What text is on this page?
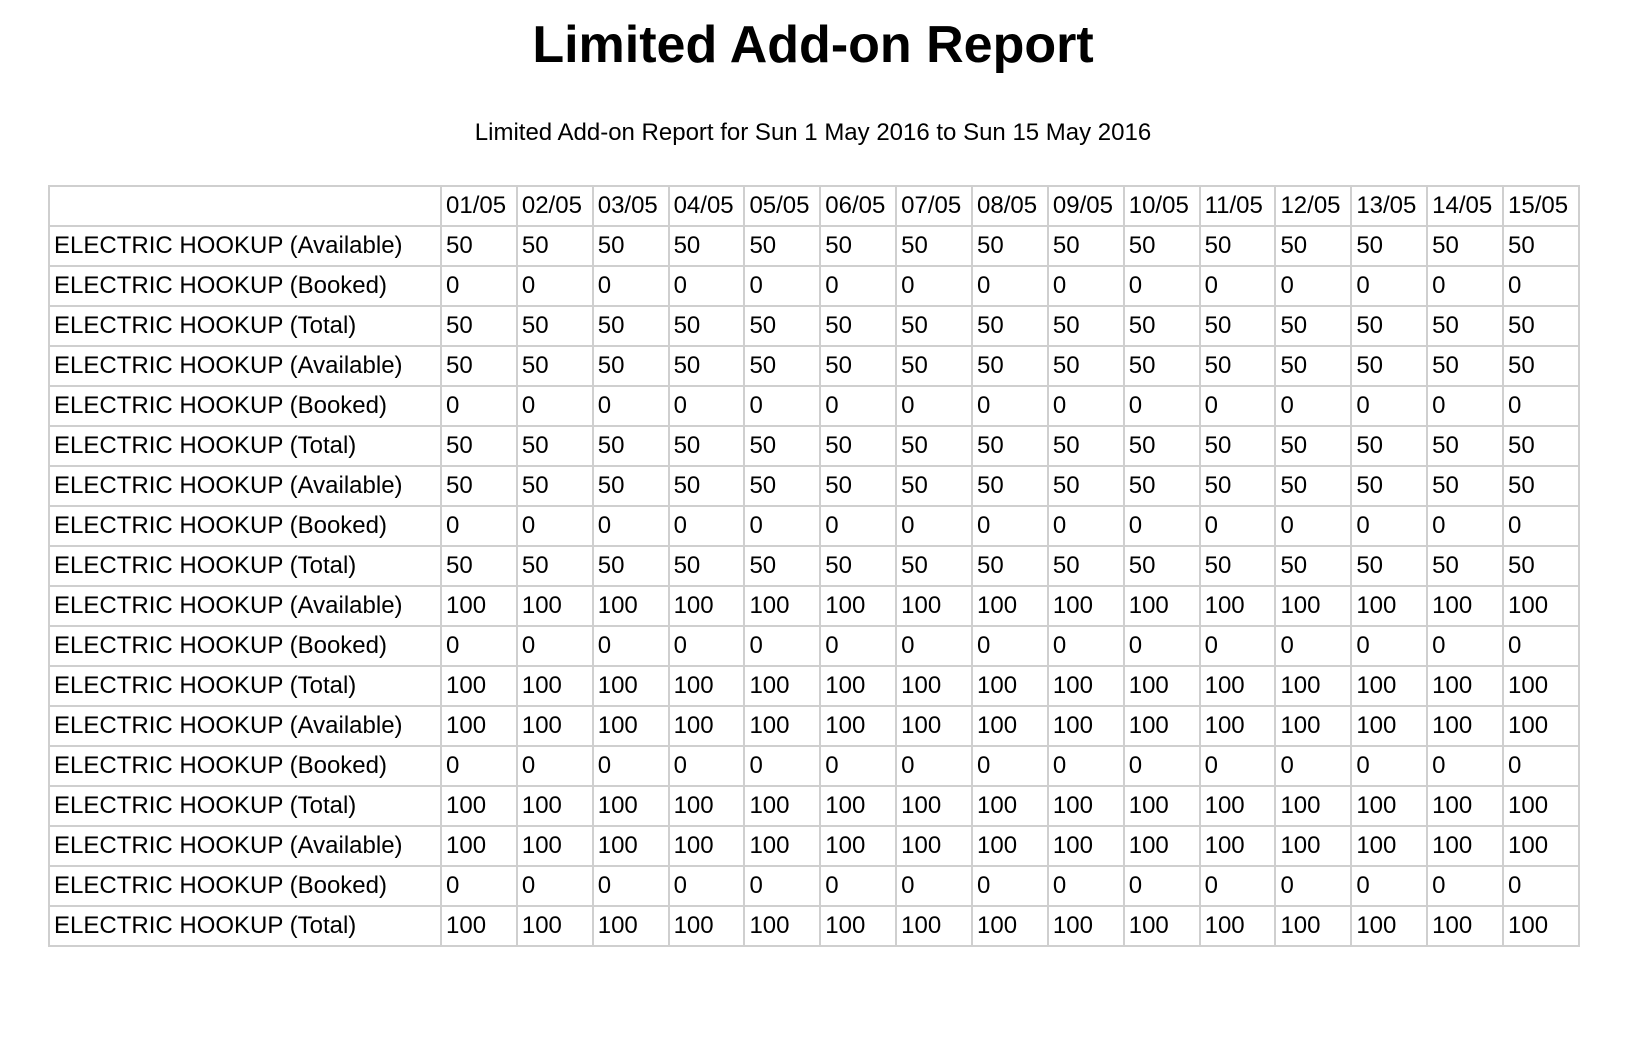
Limited Add-on Report

Limited Add-on Report for Sun 1 May 2016 to Sun 15 May 2016

	01/05	02/05	03/05	04/05	05/05	06/05	07/05	08/05	09/05	10/05	11/05	12/05	13/05	14/05	15/05
ELECTRIC HOOKUP (Available)	50	50	50	50	50	50	50	50	50	50	50	50	50	50	50
ELECTRIC HOOKUP (Booked)	0	0	0	0	0	0	0	0	0	0	0	0	0	0	0
ELECTRIC HOOKUP (Total)	50	50	50	50	50	50	50	50	50	50	50	50	50	50	50
ELECTRIC HOOKUP (Available)	50	50	50	50	50	50	50	50	50	50	50	50	50	50	50
ELECTRIC HOOKUP (Booked)	0	0	0	0	0	0	0	0	0	0	0	0	0	0	0
ELECTRIC HOOKUP (Total)	50	50	50	50	50	50	50	50	50	50	50	50	50	50	50
ELECTRIC HOOKUP (Available)	50	50	50	50	50	50	50	50	50	50	50	50	50	50	50
ELECTRIC HOOKUP (Booked)	0	0	0	0	0	0	0	0	0	0	0	0	0	0	0
ELECTRIC HOOKUP (Total)	50	50	50	50	50	50	50	50	50	50	50	50	50	50	50
ELECTRIC HOOKUP (Available)	100	100	100	100	100	100	100	100	100	100	100	100	100	100	100
ELECTRIC HOOKUP (Booked)	0	0	0	0	0	0	0	0	0	0	0	0	0	0	0
ELECTRIC HOOKUP (Total)	100	100	100	100	100	100	100	100	100	100	100	100	100	100	100
ELECTRIC HOOKUP (Available)	100	100	100	100	100	100	100	100	100	100	100	100	100	100	100
ELECTRIC HOOKUP (Booked)	0	0	0	0	0	0	0	0	0	0	0	0	0	0	0
ELECTRIC HOOKUP (Total)	100	100	100	100	100	100	100	100	100	100	100	100	100	100	100
ELECTRIC HOOKUP (Available)	100	100	100	100	100	100	100	100	100	100	100	100	100	100	100
ELECTRIC HOOKUP (Booked)	0	0	0	0	0	0	0	0	0	0	0	0	0	0	0
ELECTRIC HOOKUP (Total)	100	100	100	100	100	100	100	100	100	100	100	100	100	100	100
